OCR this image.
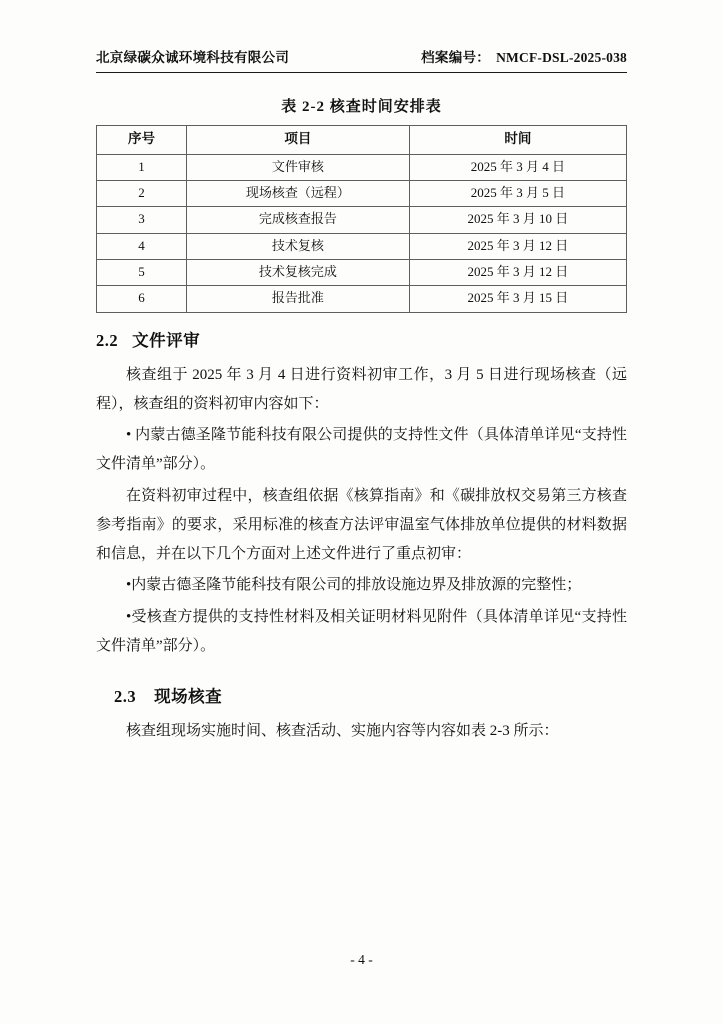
北京绿碳众诚环境科技有限公司	档案编号： NMCF-DSL-2025-038
表 2-2 核查时间安排表
序号	项目	时间
1	文件审核	2025 年 3 月 4 日
2	现场核查（远程）	2025 年 3 月 5 日
3	完成核查报告	2025 年 3 月 10 日
4	技术复核	2025 年 3 月 12 日
5	技术复核完成	2025 年 3 月 12 日
6	报告批准	2025 年 3 月 15 日
2.2 文件评审

核查组于 2025 年 3 月 4 日进行资料初审工作，3 月 5 日进行现场核查（远程），核查组的资料初审内容如下：

• 内蒙古德圣隆节能科技有限公司提供的支持性文件（具体清单详见“支持性文件清单”部分）。

在资料初审过程中，核查组依据《核算指南》和《碳排放权交易第三方核查参考指南》的要求，采用标准的核查方法评审温室气体排放单位提供的材料数据和信息，并在以下几个方面对上述文件进行了重点初审：

•内蒙古德圣隆节能科技有限公司的排放设施边界及排放源的完整性；

•受核查方提供的支持性材料及相关证明材料见附件（具体清单详见“支持性文件清单”部分）。

2.3 现场核查

核查组现场实施时间、核查活动、实施内容等内容如表 2-3 所示：

- 4 -
